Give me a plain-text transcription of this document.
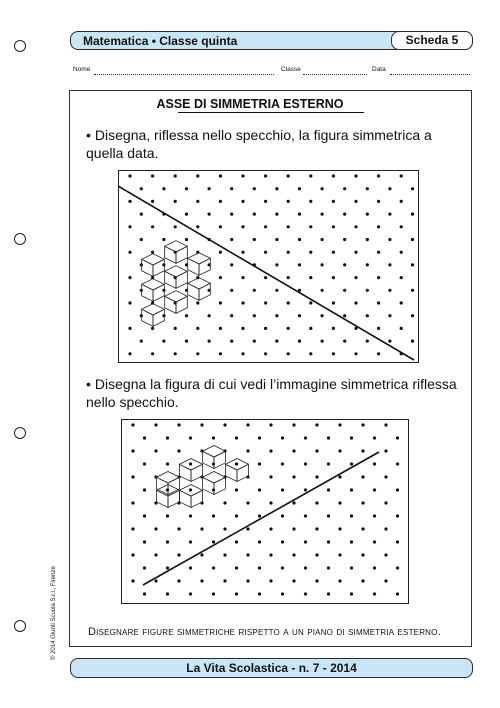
Matematica • Classe quinta	Scheda 5
Nome	Classe	Data
ASSE DI SIMMETRIA ESTERNO
• Disegna, riflessa nello specchio, la figura simmetrica a quella data.
• Disegna la figura di cui vedi l’immagine simmetrica riflessa nello specchio.
Disegnare figure simmetriche rispetto a un piano di simmetria esterno.
© 2014 Giunti Scuola S.r.l., Firenze
La Vita Scolastica - n. 7 - 2014
